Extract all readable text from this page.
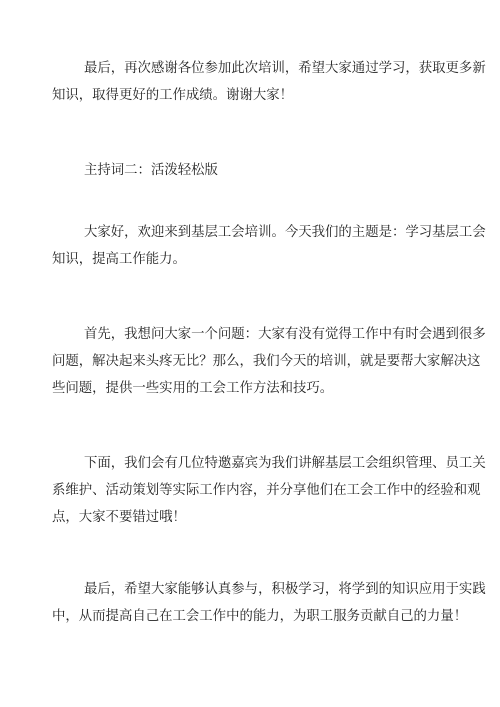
最后，再次感谢各位参加此次培训，希望大家通过学习，获取更多新
知识，取得更好的工作成绩。谢谢大家！
主持词二：活泼轻松版
大家好，欢迎来到基层工会培训。今天我们的主题是：学习基层工会
知识，提高工作能力。
首先，我想问大家一个问题：大家有没有觉得工作中有时会遇到很多
问题，解决起来头疼无比？那么，我们今天的培训，就是要帮大家解决这
些问题，提供一些实用的工会工作方法和技巧。
下面，我们会有几位特邀嘉宾为我们讲解基层工会组织管理、员工关
系维护、活动策划等实际工作内容，并分享他们在工会工作中的经验和观
点，大家不要错过哦！
最后，希望大家能够认真参与，积极学习，将学到的知识应用于实践
中，从而提高自己在工会工作中的能力，为职工服务贡献自己的力量！
